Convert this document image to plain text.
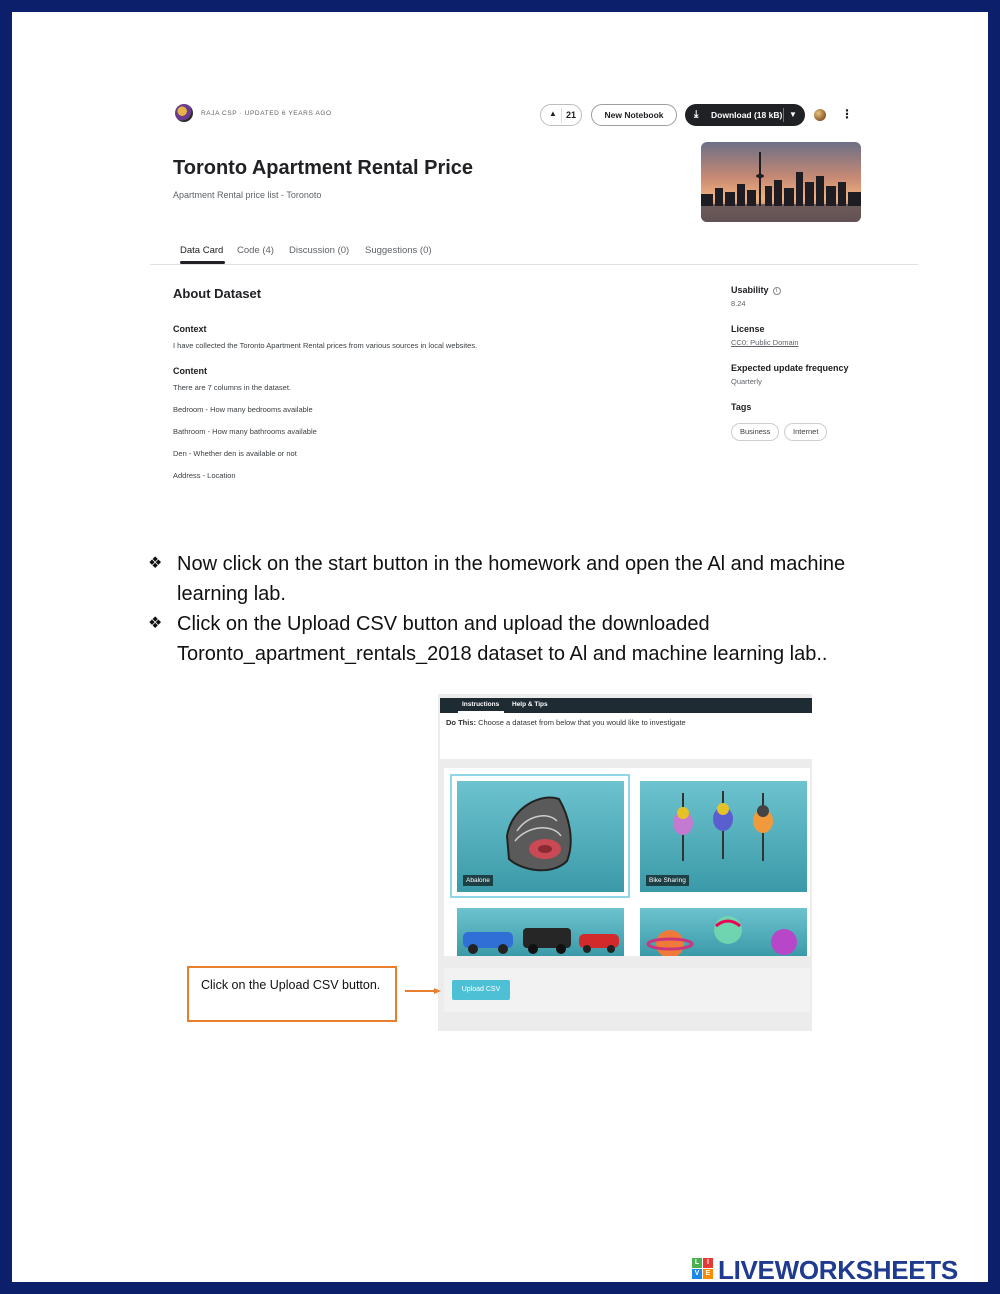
RAJA CSP · UPDATED 6 YEARS AGO	▲ 21	New Notebook	⤓ Download (18 kB) ▼	⋮
Toronto Apartment Rental Price
Apartment Rental price list - Toronoto
Data Card Code (4) Discussion (0) Suggestions (0)
About Dataset
Context
I have collected the Toronto Apartment Rental prices from various sources in local websites.
Content
There are 7 columns in the dataset.
Bedroom - How many bedrooms available
Bathroom - How many bathrooms available
Den - Whether den is available or not
Address - Location
Usability i
8.24
License
CC0: Public Domain
Expected update frequency
Quarterly
Tags
Business	Internet
❖ Now click on the start button in the homework and open the Al and machine learning lab.
❖ Click on the Upload CSV button and upload the downloaded Toronto_apartment_rentals_2018 dataset to Al and machine learning lab..
Instructions Help & Tips
Do This: Choose a dataset from below that you would like to investigate
Abalone	Bike Sharing
Upload CSV
Click on the Upload CSV button.
L	I
V E LIVEWORKSHEETS
